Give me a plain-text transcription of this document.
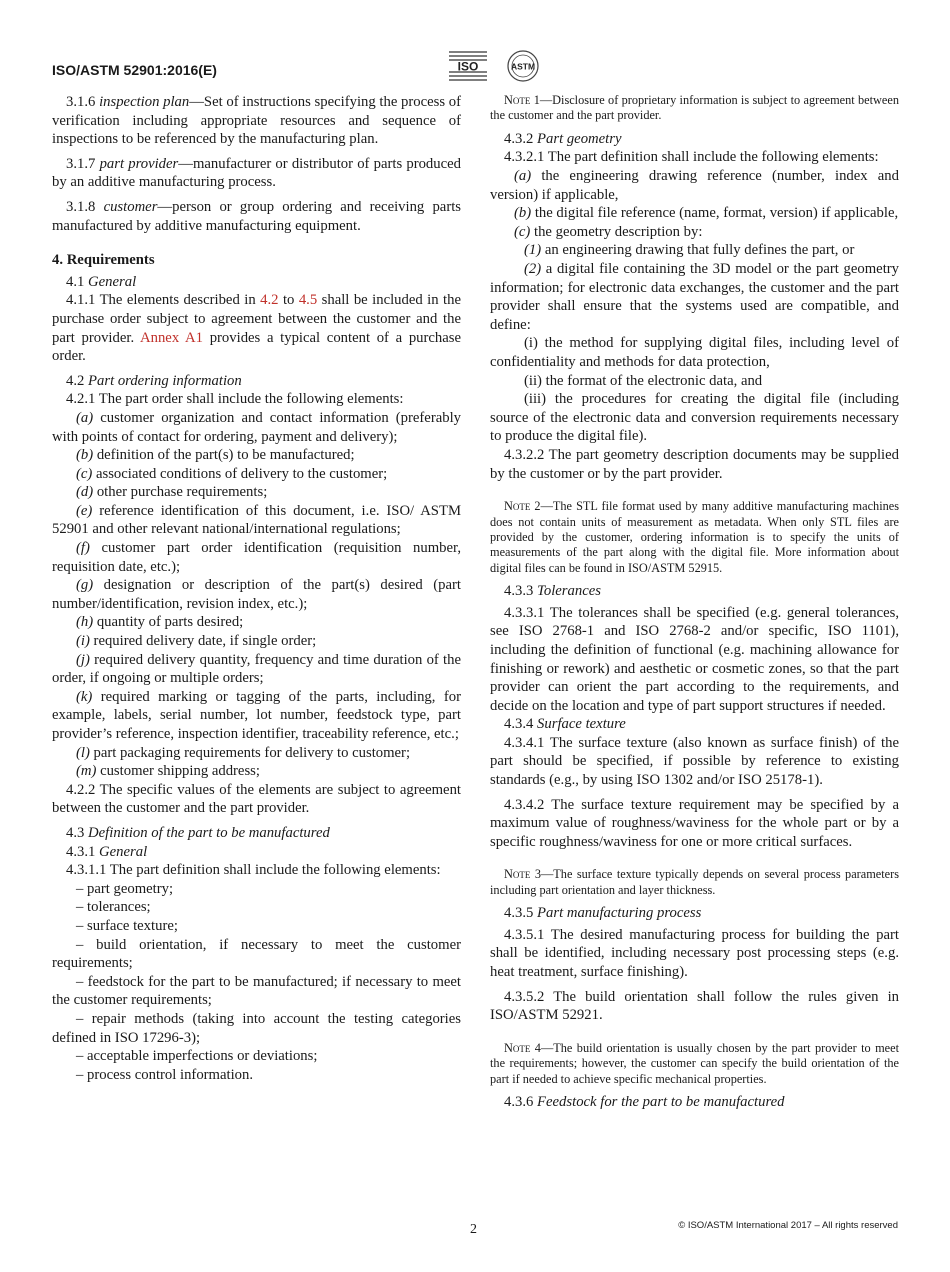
ISO/ASTM 52901:2016(E)	ISO	ASTM

3.1.6 inspection plan—Set of instructions specifying the process of verification including appropriate resources and sequence of inspections to be referenced by the manufacturing plan.

3.1.7 part provider—manufacturer or distributor of parts produced by an additive manufacturing process.

3.1.8 customer—person or group ordering and receiving parts manufactured by additive manufacturing equipment.

4. Requirements

4.1 General

4.1.1 The elements described in 4.2 to 4.5 shall be included in the purchase order subject to agreement between the customer and the part provider. Annex A1 provides a typical content of a purchase order.

4.2 Part ordering information

4.2.1 The part order shall include the following elements:

(a) customer organization and contact information (preferably with points of contact for ordering, payment and delivery);

(b) definition of the part(s) to be manufactured;

(c) associated conditions of delivery to the customer;

(d) other purchase requirements;

(e) reference identification of this document, i.e. ISO/ ASTM 52901 and other relevant national/international regulations;

(f) customer part order identification (requisition number, requisition date, etc.);

(g) designation or description of the part(s) desired (part number/identification, revision index, etc.);

(h) quantity of parts desired;

(i) required delivery date, if single order;

(j) required delivery quantity, frequency and time duration of the order, if ongoing or multiple orders;

(k) required marking or tagging of the parts, including, for example, labels, serial number, lot number, feedstock type, part provider’s reference, inspection identifier, traceability reference, etc.;

(l) part packaging requirements for delivery to customer;

(m) customer shipping address;

4.2.2 The specific values of the elements are subject to agreement between the customer and the part provider.

4.3 Definition of the part to be manufactured

4.3.1 General

4.3.1.1 The part definition shall include the following elements:

– part geometry;

– tolerances;

– surface texture;

– build orientation, if necessary to meet the customer requirements;

– feedstock for the part to be manufactured; if necessary to meet the customer requirements;

– repair methods (taking into account the testing categories defined in ISO 17296-3);

– acceptable imperfections or deviations;

– process control information.

Note 1—Disclosure of proprietary information is subject to agreement between the customer and the part provider.

4.3.2 Part geometry

4.3.2.1 The part definition shall include the following elements:

(a) the engineering drawing reference (number, index and version) if applicable,

(b) the digital file reference (name, format, version) if applicable,

(c) the geometry description by:

(1) an engineering drawing that fully defines the part, or

(2) a digital file containing the 3D model or the part geometry information; for electronic data exchanges, the customer and the part provider shall ensure that the systems used are compatible, and define:

(i) the method for supplying digital files, including level of confidentiality and methods for data protection,

(ii) the format of the electronic data, and

(iii) the procedures for creating the digital file (including source of the electronic data and conversion requirements necessary to produce the digital file).

4.3.2.2 The part geometry description documents may be supplied by the customer or by the part provider.

Note 2—The STL file format used by many additive manufacturing machines does not contain units of measurement as metadata. When only STL files are provided by the customer, ordering information is to specify the units of measurements of the part along with the digital file. More information about digital files can be found in ISO/ASTM 52915.

4.3.3 Tolerances

4.3.3.1 The tolerances shall be specified (e.g. general tolerances, see ISO 2768-1 and ISO 2768-2 and/or specific, ISO 1101), including the definition of functional (e.g. machining allowance for finishing or rework) and aesthetic or cosmetic zones, so that the part provider can orient the part according to the requirements, and decide on the location and type of part support structures if needed.

4.3.4 Surface texture

4.3.4.1 The surface texture (also known as surface finish) of the part should be specified, if possible by reference to existing standards (e.g., by using ISO 1302 and/or ISO 25178-1).

4.3.4.2 The surface texture requirement may be specified by a maximum value of roughness/waviness for the whole part or by a specific roughness/waviness for one or more critical surfaces.

Note 3—The surface texture typically depends on several process parameters including part orientation and layer thickness.

4.3.5 Part manufacturing process

4.3.5.1 The desired manufacturing process for building the part shall be identified, including necessary post processing steps (e.g. heat treatment, surface finishing).

4.3.5.2 The build orientation shall follow the rules given in ISO/ASTM 52921.

Note 4—The build orientation is usually chosen by the part provider to meet the requirements; however, the customer can specify the build orientation of the part if needed to achieve specific mechanical properties.

4.3.6 Feedstock for the part to be manufactured

2	© ISO/ASTM International 2017 – All rights reserved
